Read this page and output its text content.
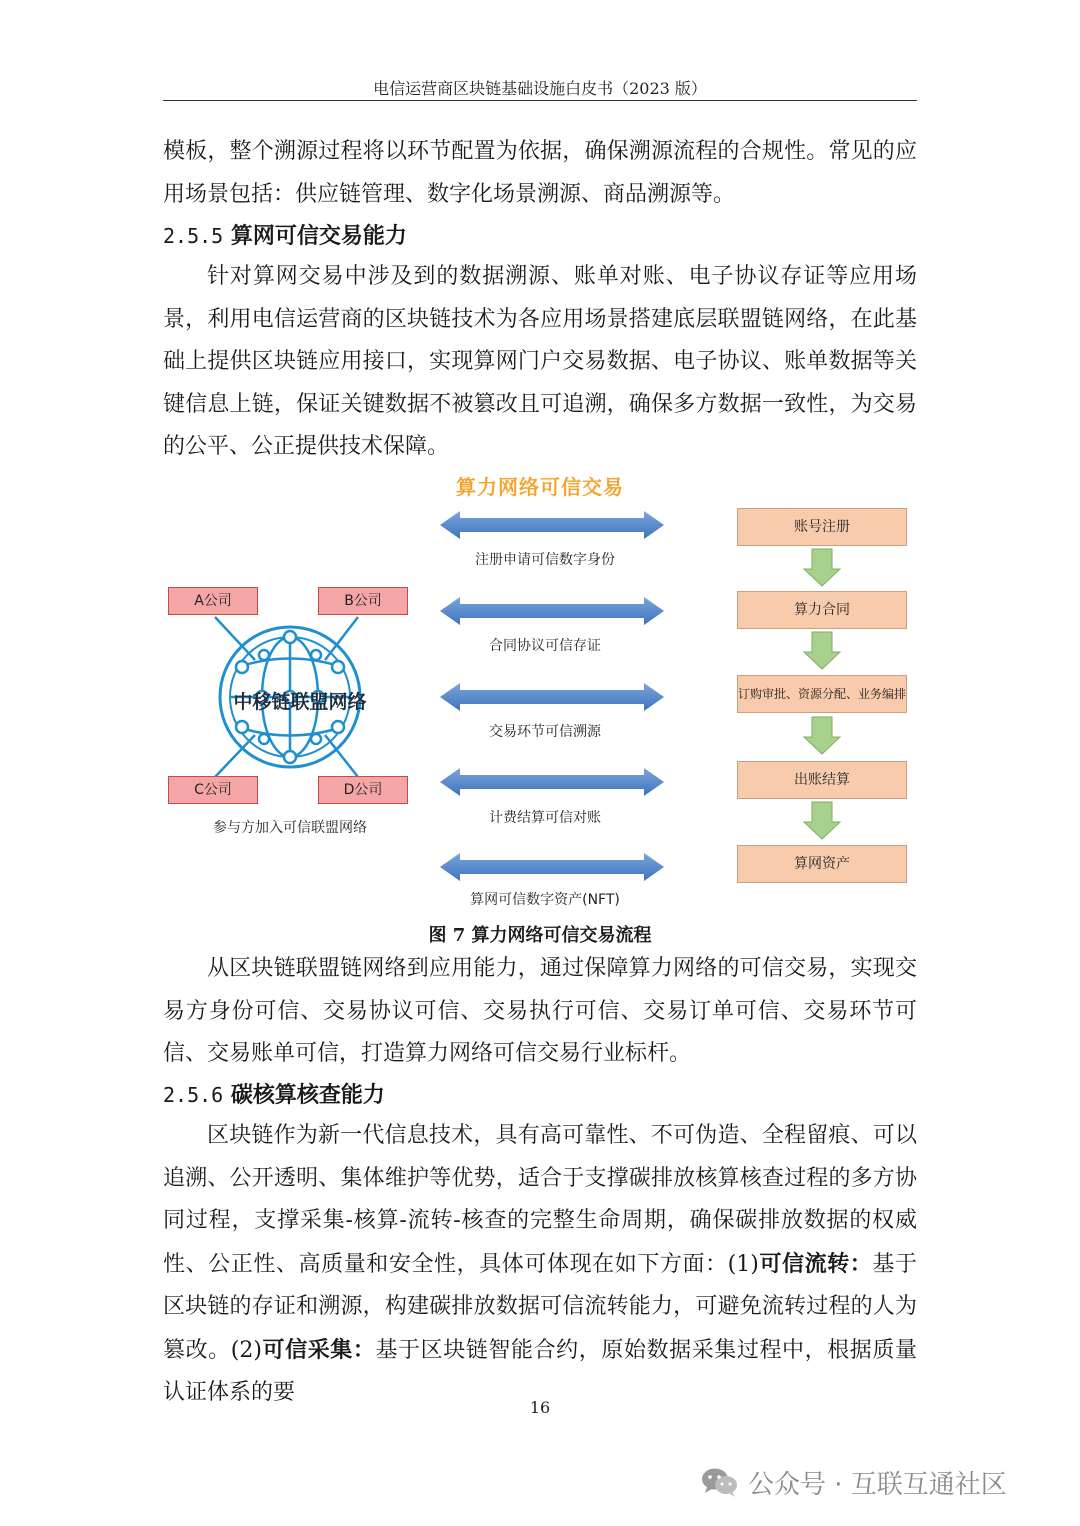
电信运营商区块链基础设施白皮书（2023 版）

模板，整个溯源过程将以环节配置为依据，确保溯源流程的合规性。常见的应用场景包括：供应链管理、数字化场景溯源、商品溯源等。

2.5.5 算网可信交易能力

针对算网交易中涉及到的数据溯源、账单对账、电子协议存证等应用场景，利用电信运营商的区块链技术为各应用场景搭建底层联盟链网络，在此基础上提供区块链应用接口，实现算网门户交易数据、电子协议、账单数据等关键信息上链，保证关键数据不被篡改且可追溯，确保多方数据一致性，为交易的公平、公正提供技术保障。

算力网络可信交易
A公司	B公司
C公司	D公司
中移链联盟网络
参与方加入可信联盟网络
注册申请可信数字身份
合同协议可信存证
交易环节可信溯源
计费结算可信对账
算网可信数字资产(NFT)
账号注册
算力合同
订购审批、资源分配、业务编排
出账结算
算网资产
图 7 算力网络可信交易流程

从区块链联盟链网络到应用能力，通过保障算力网络的可信交易，实现交易方身份可信、交易协议可信、交易执行可信、交易订单可信、交易环节可信、交易账单可信，打造算力网络可信交易行业标杆。

2.5.6 碳核算核查能力

区块链作为新一代信息技术，具有高可靠性、不可伪造、全程留痕、可以追溯、公开透明、集体维护等优势，适合于支撑碳排放核算核查过程的多方协同过程，支撑采集-核算-流转-核查的完整生命周期，确保碳排放数据的权威性、公正性、高质量和安全性，具体可体现在如下方面：(1)可信流转：基于区块链的存证和溯源，构建碳排放数据可信流转能力，可避免流转过程的人为篡改。(2)可信采集：基于区块链智能合约，原始数据采集过程中，根据质量认证体系的要

16
公众号 · 互联互通社区
